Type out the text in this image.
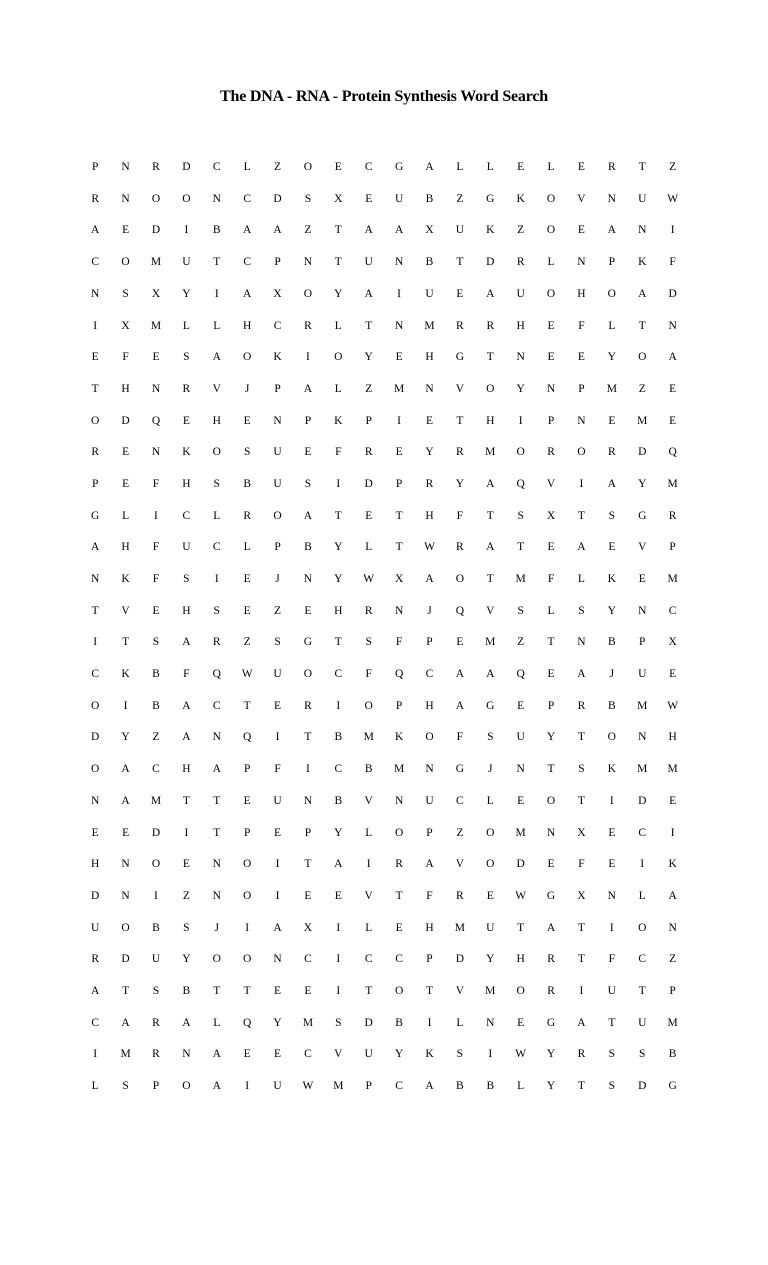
The DNA - RNA - Protein Synthesis Word Search
P	N	R	D	C	L	Z	O	E	C	G	A	L	L	E	L	E	R	T	Z
R	N	O	O	N	C	D	S	X	E	U	B	Z	G	K	O	V	N	U	W
A	E	D	I	B	A	A	Z	T	A	A	X	U	K	Z	O	E	A	N	I
C	O	M	U	T	C	P	N	T	U	N	B	T	D	R	L	N	P	K	F
N	S	X	Y	I	A	X	O	Y	A	I	U	E	A	U	O	H	O	A	D
I	X	M	L	L	H	C	R	L	T	N	M	R	R	H	E	F	L	T	N
E	F	E	S	A	O	K	I	O	Y	E	H	G	T	N	E	E	Y	O	A
T	H	N	R	V	J	P	A	L	Z	M	N	V	O	Y	N	P	M	Z	E
O	D	Q	E	H	E	N	P	K	P	I	E	T	H	I	P	N	E	M	E
R	E	N	K	O	S	U	E	F	R	E	Y	R	M	O	R	O	R	D	Q
P	E	F	H	S	B	U	S	I	D	P	R	Y	A	Q	V	I	A	Y	M
G	L	I	C	L	R	O	A	T	E	T	H	F	T	S	X	T	S	G	R
A	H	F	U	C	L	P	B	Y	L	T	W	R	A	T	E	A	E	V	P
N	K	F	S	I	E	J	N	Y	W	X	A	O	T	M	F	L	K	E	M
T	V	E	H	S	E	Z	E	H	R	N	J	Q	V	S	L	S	Y	N	C
I	T	S	A	R	Z	S	G	T	S	F	P	E	M	Z	T	N	B	P	X
C	K	B	F	Q	W	U	O	C	F	Q	C	A	A	Q	E	A	J	U	E
O	I	B	A	C	T	E	R	I	O	P	H	A	G	E	P	R	B	M	W
D	Y	Z	A	N	Q	I	T	B	M	K	O	F	S	U	Y	T	O	N	H
O	A	C	H	A	P	F	I	C	B	M	N	G	J	N	T	S	K	M	M
N	A	M	T	T	E	U	N	B	V	N	U	C	L	E	O	T	I	D	E
E	E	D	I	T	P	E	P	Y	L	O	P	Z	O	M	N	X	E	C	I
H	N	O	E	N	O	I	T	A	I	R	A	V	O	D	E	F	E	I	K
D	N	I	Z	N	O	I	E	E	V	T	F	R	E	W	G	X	N	L	A
U	O	B	S	J	I	A	X	I	L	E	H	M	U	T	A	T	I	O	N
R	D	U	Y	O	O	N	C	I	C	C	P	D	Y	H	R	T	F	C	Z
A	T	S	B	T	T	E	E	I	T	O	T	V	M	O	R	I	U	T	P
C	A	R	A	L	Q	Y	M	S	D	B	I	L	N	E	G	A	T	U	M
I	M	R	N	A	E	E	C	V	U	Y	K	S	I	W	Y	R	S	S	B
L	S	P	O	A	I	U	W	M	P	C	A	B	B	L	Y	T	S	D	G
